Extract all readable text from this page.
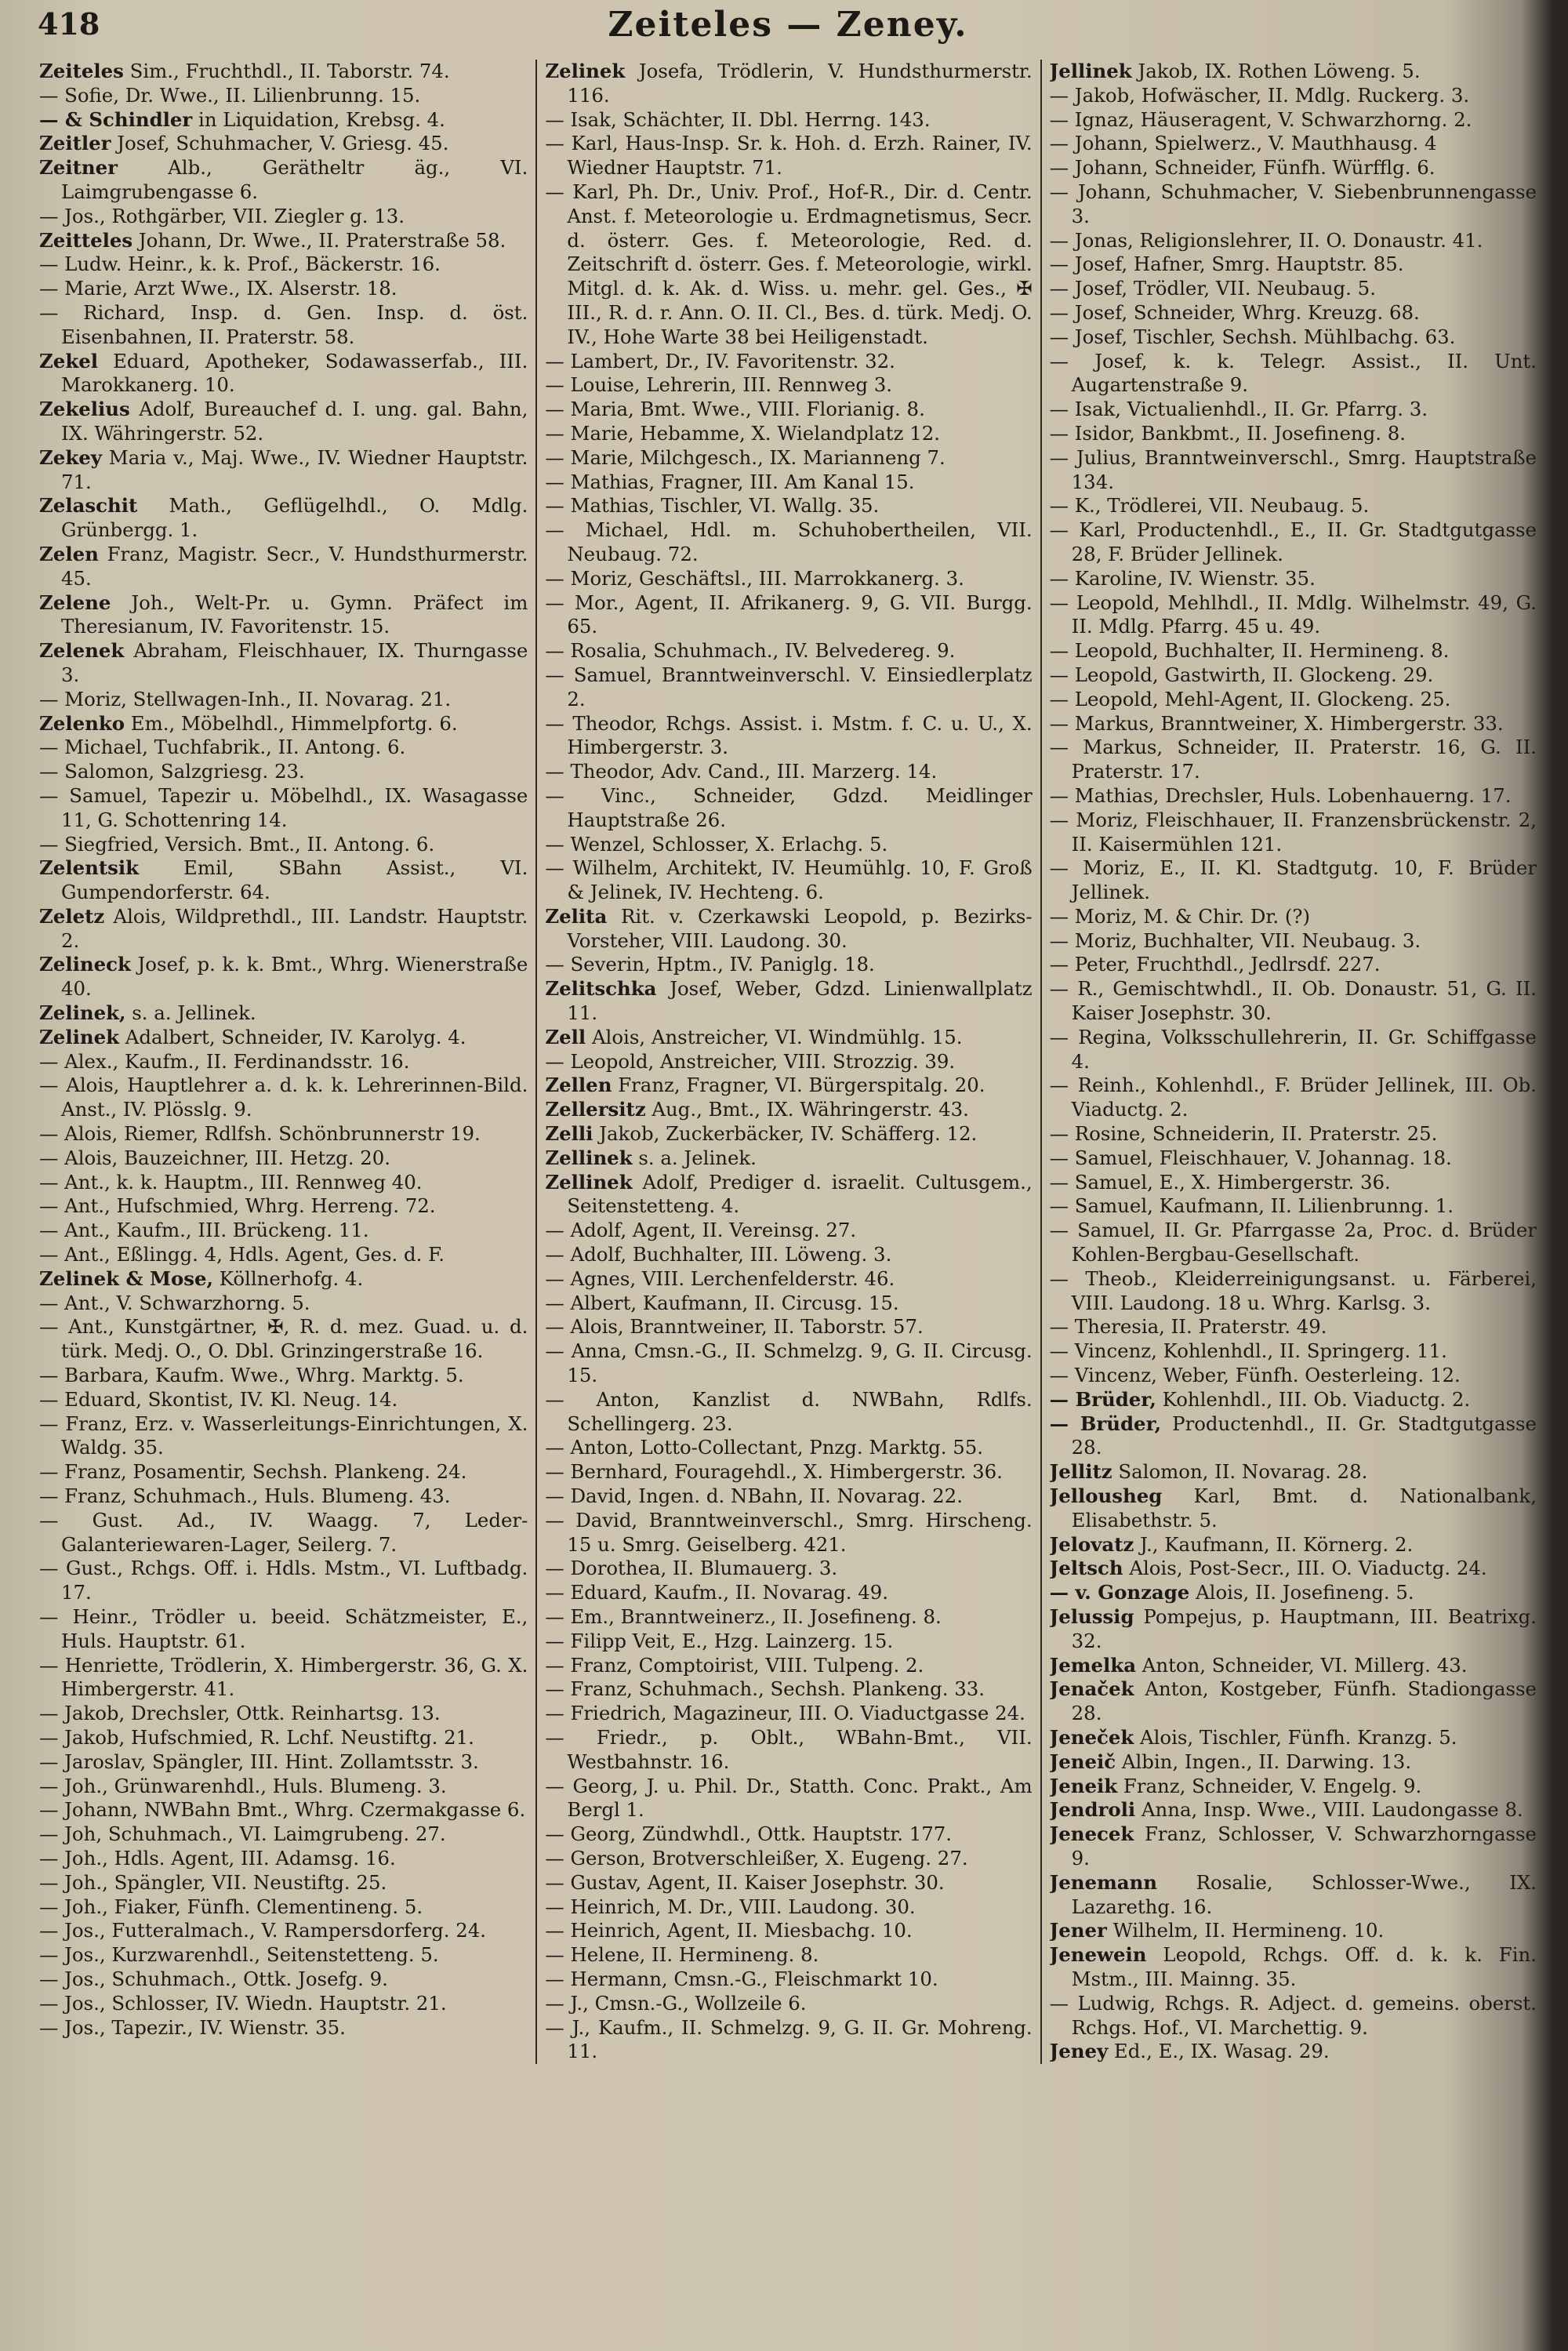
418	Zeiteles — Zeney.

Zeiteles Sim., Fruchthdl., II. Taborstr. 74.

— Sofie, Dr. Wwe., II. Lilienbrunng. 15.

— & Schindler in Liquidation, Krebsg. 4.

Zeitler Josef, Schuhmacher, V. Griesg. 45.

Zeitner Alb., Gerätheltr äg., VI. Laimgrubengasse 6.

— Jos., Rothgärber, VII. Ziegler g. 13.

Zeitteles Johann, Dr. Wwe., II. Praterstraße 58.

— Ludw. Heinr., k. k. Prof., Bäckerstr. 16.

— Marie, Arzt Wwe., IX. Alserstr. 18.

— Richard, Insp. d. Gen. Insp. d. öst. Eisenbahnen, II. Praterstr. 58.

Zekel Eduard, Apotheker, Sodawasserfab., III. Marokkanerg. 10.

Zekelius Adolf, Bureauchef d. I. ung. gal. Bahn, IX. Währingerstr. 52.

Zekey Maria v., Maj. Wwe., IV. Wiedner Hauptstr. 71.

Zelaschit Math., Geflügelhdl., O. Mdlg. Grünbergg. 1.

Zelen Franz, Magistr. Secr., V. Hundsthurmerstr. 45.

Zelene Joh., Welt-Pr. u. Gymn. Präfect im Theresianum, IV. Favoritenstr. 15.

Zelenek Abraham, Fleischhauer, IX. Thurngasse 3.

— Moriz, Stellwagen-Inh., II. Novarag. 21.

Zelenko Em., Möbelhdl., Himmelpfortg. 6.

— Michael, Tuchfabrik., II. Antong. 6.

— Salomon, Salzgriesg. 23.

— Samuel, Tapezir u. Möbelhdl., IX. Wasagasse 11, G. Schottenring 14.

— Siegfried, Versich. Bmt., II. Antong. 6.

Zelentsik Emil, SBahn Assist., VI. Gumpendorferstr. 64.

Zeletz Alois, Wildprethdl., III. Landstr. Hauptstr. 2.

Zelineck Josef, p. k. k. Bmt., Whrg. Wienerstraße 40.

Zelinek, s. a. Jellinek.

Zelinek Adalbert, Schneider, IV. Karolyg. 4.

— Alex., Kaufm., II. Ferdinandsstr. 16.

— Alois, Hauptlehrer a. d. k. k. Lehrerinnen-Bild. Anst., IV. Plösslg. 9.

— Alois, Riemer, Rdlfsh. Schönbrunnerstr 19.

— Alois, Bauzeichner, III. Hetzg. 20.

— Ant., k. k. Hauptm., III. Rennweg 40.

— Ant., Hufschmied, Whrg. Herreng. 72.

— Ant., Kaufm., III. Brückeng. 11.

— Ant., Eßlingg. 4, Hdls. Agent, Ges. d. F.

Zelinek & Mose, Köllnerhofg. 4.

— Ant., V. Schwarzhorng. 5.

— Ant., Kunstgärtner, ✠, R. d. mez. Guad. u. d. türk. Medj. O., O. Dbl. Grinzingerstraße 16.

— Barbara, Kaufm. Wwe., Whrg. Marktg. 5.

— Eduard, Skontist, IV. Kl. Neug. 14.

— Franz, Erz. v. Wasserleitungs-Einrichtungen, X. Waldg. 35.

— Franz, Posamentir, Sechsh. Plankeng. 24.

— Franz, Schuhmach., Huls. Blumeng. 43.

— Gust. Ad., IV. Waagg. 7, Leder-Galanteriewaren-Lager, Seilerg. 7.

— Gust., Rchgs. Off. i. Hdls. Mstm., VI. Luftbadg. 17.

— Heinr., Trödler u. beeid. Schätzmeister, E., Huls. Hauptstr. 61.

— Henriette, Trödlerin, X. Himbergerstr. 36, G. X. Himbergerstr. 41.

— Jakob, Drechsler, Ottk. Reinhartsg. 13.

— Jakob, Hufschmied, R. Lchf. Neustiftg. 21.

— Jaroslav, Spängler, III. Hint. Zollamtsstr. 3.

— Joh., Grünwarenhdl., Huls. Blumeng. 3.

— Johann, NWBahn Bmt., Whrg. Czermakgasse 6.

— Joh, Schuhmach., VI. Laimgrubeng. 27.

— Joh., Hdls. Agent, III. Adamsg. 16.

— Joh., Spängler, VII. Neustiftg. 25.

— Joh., Fiaker, Fünfh. Clementineng. 5.

— Jos., Futteralmach., V. Rampersdorferg. 24.

— Jos., Kurzwarenhdl., Seitenstetteng. 5.

— Jos., Schuhmach., Ottk. Josefg. 9.

— Jos., Schlosser, IV. Wiedn. Hauptstr. 21.

— Jos., Tapezir., IV. Wienstr. 35.

Zelinek Josefa, Trödlerin, V. Hundsthurmerstr. 116.

— Isak, Schächter, II. Dbl. Herrng. 143.

— Karl, Haus-Insp. Sr. k. Hoh. d. Erzh. Rainer, IV. Wiedner Hauptstr. 71.

— Karl, Ph. Dr., Univ. Prof., Hof-R., Dir. d. Centr. Anst. f. Meteorologie u. Erdmagnetismus, Secr. d. österr. Ges. f. Meteorologie, Red. d. Zeitschrift d. österr. Ges. f. Meteorologie, wirkl. Mitgl. d. k. Ak. d. Wiss. u. mehr. gel. Ges., ✠ III., R. d. r. Ann. O. II. Cl., Bes. d. türk. Medj. O. IV., Hohe Warte 38 bei Heiligenstadt.

— Lambert, Dr., IV. Favoritenstr. 32.

— Louise, Lehrerin, III. Rennweg 3.

— Maria, Bmt. Wwe., VIII. Florianig. 8.

— Marie, Hebamme, X. Wielandplatz 12.

— Marie, Milchgesch., IX. Marianneng 7.

— Mathias, Fragner, III. Am Kanal 15.

— Mathias, Tischler, VI. Wallg. 35.

— Michael, Hdl. m. Schuhobertheilen, VII. Neubaug. 72.

— Moriz, Geschäftsl., III. Marrokkanerg. 3.

— Mor., Agent, II. Afrikanerg. 9, G. VII. Burgg. 65.

— Rosalia, Schuhmach., IV. Belvedereg. 9.

— Samuel, Branntweinverschl. V. Einsiedlerplatz 2.

— Theodor, Rchgs. Assist. i. Mstm. f. C. u. U., X. Himbergerstr. 3.

— Theodor, Adv. Cand., III. Marzerg. 14.

— Vinc., Schneider, Gdzd. Meidlinger Hauptstraße 26.

— Wenzel, Schlosser, X. Erlachg. 5.

— Wilhelm, Architekt, IV. Heumühlg. 10, F. Groß & Jelinek, IV. Hechteng. 6.

Zelita Rit. v. Czerkawski Leopold, p. Bezirks-Vorsteher, VIII. Laudong. 30.

— Severin, Hptm., IV. Paniglg. 18.

Zelitschka Josef, Weber, Gdzd. Linienwallplatz 11.

Zell Alois, Anstreicher, VI. Windmühlg. 15.

— Leopold, Anstreicher, VIII. Strozzig. 39.

Zellen Franz, Fragner, VI. Bürgerspitalg. 20.

Zellersitz Aug., Bmt., IX. Währingerstr. 43.

Zelli Jakob, Zuckerbäcker, IV. Schäfferg. 12.

Zellinek s. a. Jelinek.

Zellinek Adolf, Prediger d. israelit. Cultusgem., Seitenstetteng. 4.

— Adolf, Agent, II. Vereinsg. 27.

— Adolf, Buchhalter, III. Löweng. 3.

— Agnes, VIII. Lerchenfelderstr. 46.

— Albert, Kaufmann, II. Circusg. 15.

— Alois, Branntweiner, II. Taborstr. 57.

— Anna, Cmsn.-G., II. Schmelzg. 9, G. II. Circusg. 15.

— Anton, Kanzlist d. NWBahn, Rdlfs. Schellingerg. 23.

— Anton, Lotto-Collectant, Pnzg. Marktg. 55.

— Bernhard, Fouragehdl., X. Himbergerstr. 36.

— David, Ingen. d. NBahn, II. Novarag. 22.

— David, Branntweinverschl., Smrg. Hirscheng. 15 u. Smrg. Geiselberg. 421.

— Dorothea, II. Blumauerg. 3.

— Eduard, Kaufm., II. Novarag. 49.

— Em., Branntweinerz., II. Josefineng. 8.

— Filipp Veit, E., Hzg. Lainzerg. 15.

— Franz, Comptoirist, VIII. Tulpeng. 2.

— Franz, Schuhmach., Sechsh. Plankeng. 33.

— Friedrich, Magazineur, III. O. Viaductgasse 24.

— Friedr., p. Oblt., WBahn-Bmt., VII. Westbahnstr. 16.

— Georg, J. u. Phil. Dr., Statth. Conc. Prakt., Am Bergl 1.

— Georg, Zündwhdl., Ottk. Hauptstr. 177.

— Gerson, Brotverschleißer, X. Eugeng. 27.

— Gustav, Agent, II. Kaiser Josephstr. 30.

— Heinrich, M. Dr., VIII. Laudong. 30.

— Heinrich, Agent, II. Miesbachg. 10.

— Helene, II. Hermineng. 8.

— Hermann, Cmsn.-G., Fleischmarkt 10.

— J., Cmsn.-G., Wollzeile 6.

— J., Kaufm., II. Schmelzg. 9, G. II. Gr. Mohreng. 11.

Jellinek Jakob, IX. Rothen Löweng. 5.

— Jakob, Hofwäscher, II. Mdlg. Ruckerg. 3.

— Ignaz, Häuseragent, V. Schwarzhorng. 2.

— Johann, Spielwerz., V. Mauthhausg. 4

— Johann, Schneider, Fünfh. Würfflg. 6.

— Johann, Schuhmacher, V. Siebenbrunnengasse 3.

— Jonas, Religionslehrer, II. O. Donaustr. 41.

— Josef, Hafner, Smrg. Hauptstr. 85.

— Josef, Trödler, VII. Neubaug. 5.

— Josef, Schneider, Whrg. Kreuzg. 68.

— Josef, Tischler, Sechsh. Mühlbachg. 63.

— Josef, k. k. Telegr. Assist., II. Unt. Augartenstraße 9.

— Isak, Victualienhdl., II. Gr. Pfarrg. 3.

— Isidor, Bankbmt., II. Josefineng. 8.

— Julius, Branntweinverschl., Smrg. Hauptstraße 134.

— K., Trödlerei, VII. Neubaug. 5.

— Karl, Productenhdl., E., II. Gr. Stadtgutgasse 28, F. Brüder Jellinek.

— Karoline, IV. Wienstr. 35.

— Leopold, Mehlhdl., II. Mdlg. Wilhelmstr. 49, G. II. Mdlg. Pfarrg. 45 u. 49.

— Leopold, Buchhalter, II. Hermineng. 8.

— Leopold, Gastwirth, II. Glockeng. 29.

— Leopold, Mehl-Agent, II. Glockeng. 25.

— Markus, Branntweiner, X. Himbergerstr. 33.

— Markus, Schneider, II. Praterstr. 16, G. II. Praterstr. 17.

— Mathias, Drechsler, Huls. Lobenhauerng. 17.

— Moriz, Fleischhauer, II. Franzensbrückenstr. 2, II. Kaisermühlen 121.

— Moriz, E., II. Kl. Stadtgutg. 10, F. Brüder Jellinek.

— Moriz, M. & Chir. Dr. (?)

— Moriz, Buchhalter, VII. Neubaug. 3.

— Peter, Fruchthdl., Jedlrsdf. 227.

— R., Gemischtwhdl., II. Ob. Donaustr. 51, G. II. Kaiser Josephstr. 30.

— Regina, Volksschullehrerin, II. Gr. Schiffgasse 4.

— Reinh., Kohlenhdl., F. Brüder Jellinek, III. Ob. Viaductg. 2.

— Rosine, Schneiderin, II. Praterstr. 25.

— Samuel, Fleischhauer, V. Johannag. 18.

— Samuel, E., X. Himbergerstr. 36.

— Samuel, Kaufmann, II. Lilienbrunng. 1.

— Samuel, II. Gr. Pfarrgasse 2a, Proc. d. Brüder Kohlen-Bergbau-Gesellschaft.

— Theob., Kleiderreinigungsanst. u. Färberei, VIII. Laudong. 18 u. Whrg. Karlsg. 3.

— Theresia, II. Praterstr. 49.

— Vincenz, Kohlenhdl., II. Springerg. 11.

— Vincenz, Weber, Fünfh. Oesterleing. 12.

— Brüder, Kohlenhdl., III. Ob. Viaductg. 2.

— Brüder, Productenhdl., II. Gr. Stadtgutgasse 28.

Jellitz Salomon, II. Novarag. 28.

Jellousheg Karl, Bmt. d. Nationalbank, Elisabethstr. 5.

Jelovatz J., Kaufmann, II. Körnerg. 2.

Jeltsch Alois, Post-Secr., III. O. Viaductg. 24.

— v. Gonzage Alois, II. Josefineng. 5.

Jelussig Pompejus, p. Hauptmann, III. Beatrixg. 32.

Jemelka Anton, Schneider, VI. Millerg. 43.

Jenaček Anton, Kostgeber, Fünfh. Stadiongasse 28.

Jeneček Alois, Tischler, Fünfh. Kranzg. 5.

Jeneič Albin, Ingen., II. Darwing. 13.

Jeneik Franz, Schneider, V. Engelg. 9.

Jendroli Anna, Insp. Wwe., VIII. Laudongasse 8.

Jenecek Franz, Schlosser, V. Schwarzhorngasse 9.

Jenemann Rosalie, Schlosser-Wwe., IX. Lazarethg. 16.

Jener Wilhelm, II. Hermineng. 10.

Jenewein Leopold, Rchgs. Off. d. k. k. Fin. Mstm., III. Mainng. 35.

— Ludwig, Rchgs. R. Adject. d. gemeins. oberst. Rchgs. Hof., VI. Marchettig. 9.

Jeney Ed., E., IX. Wasag. 29.
